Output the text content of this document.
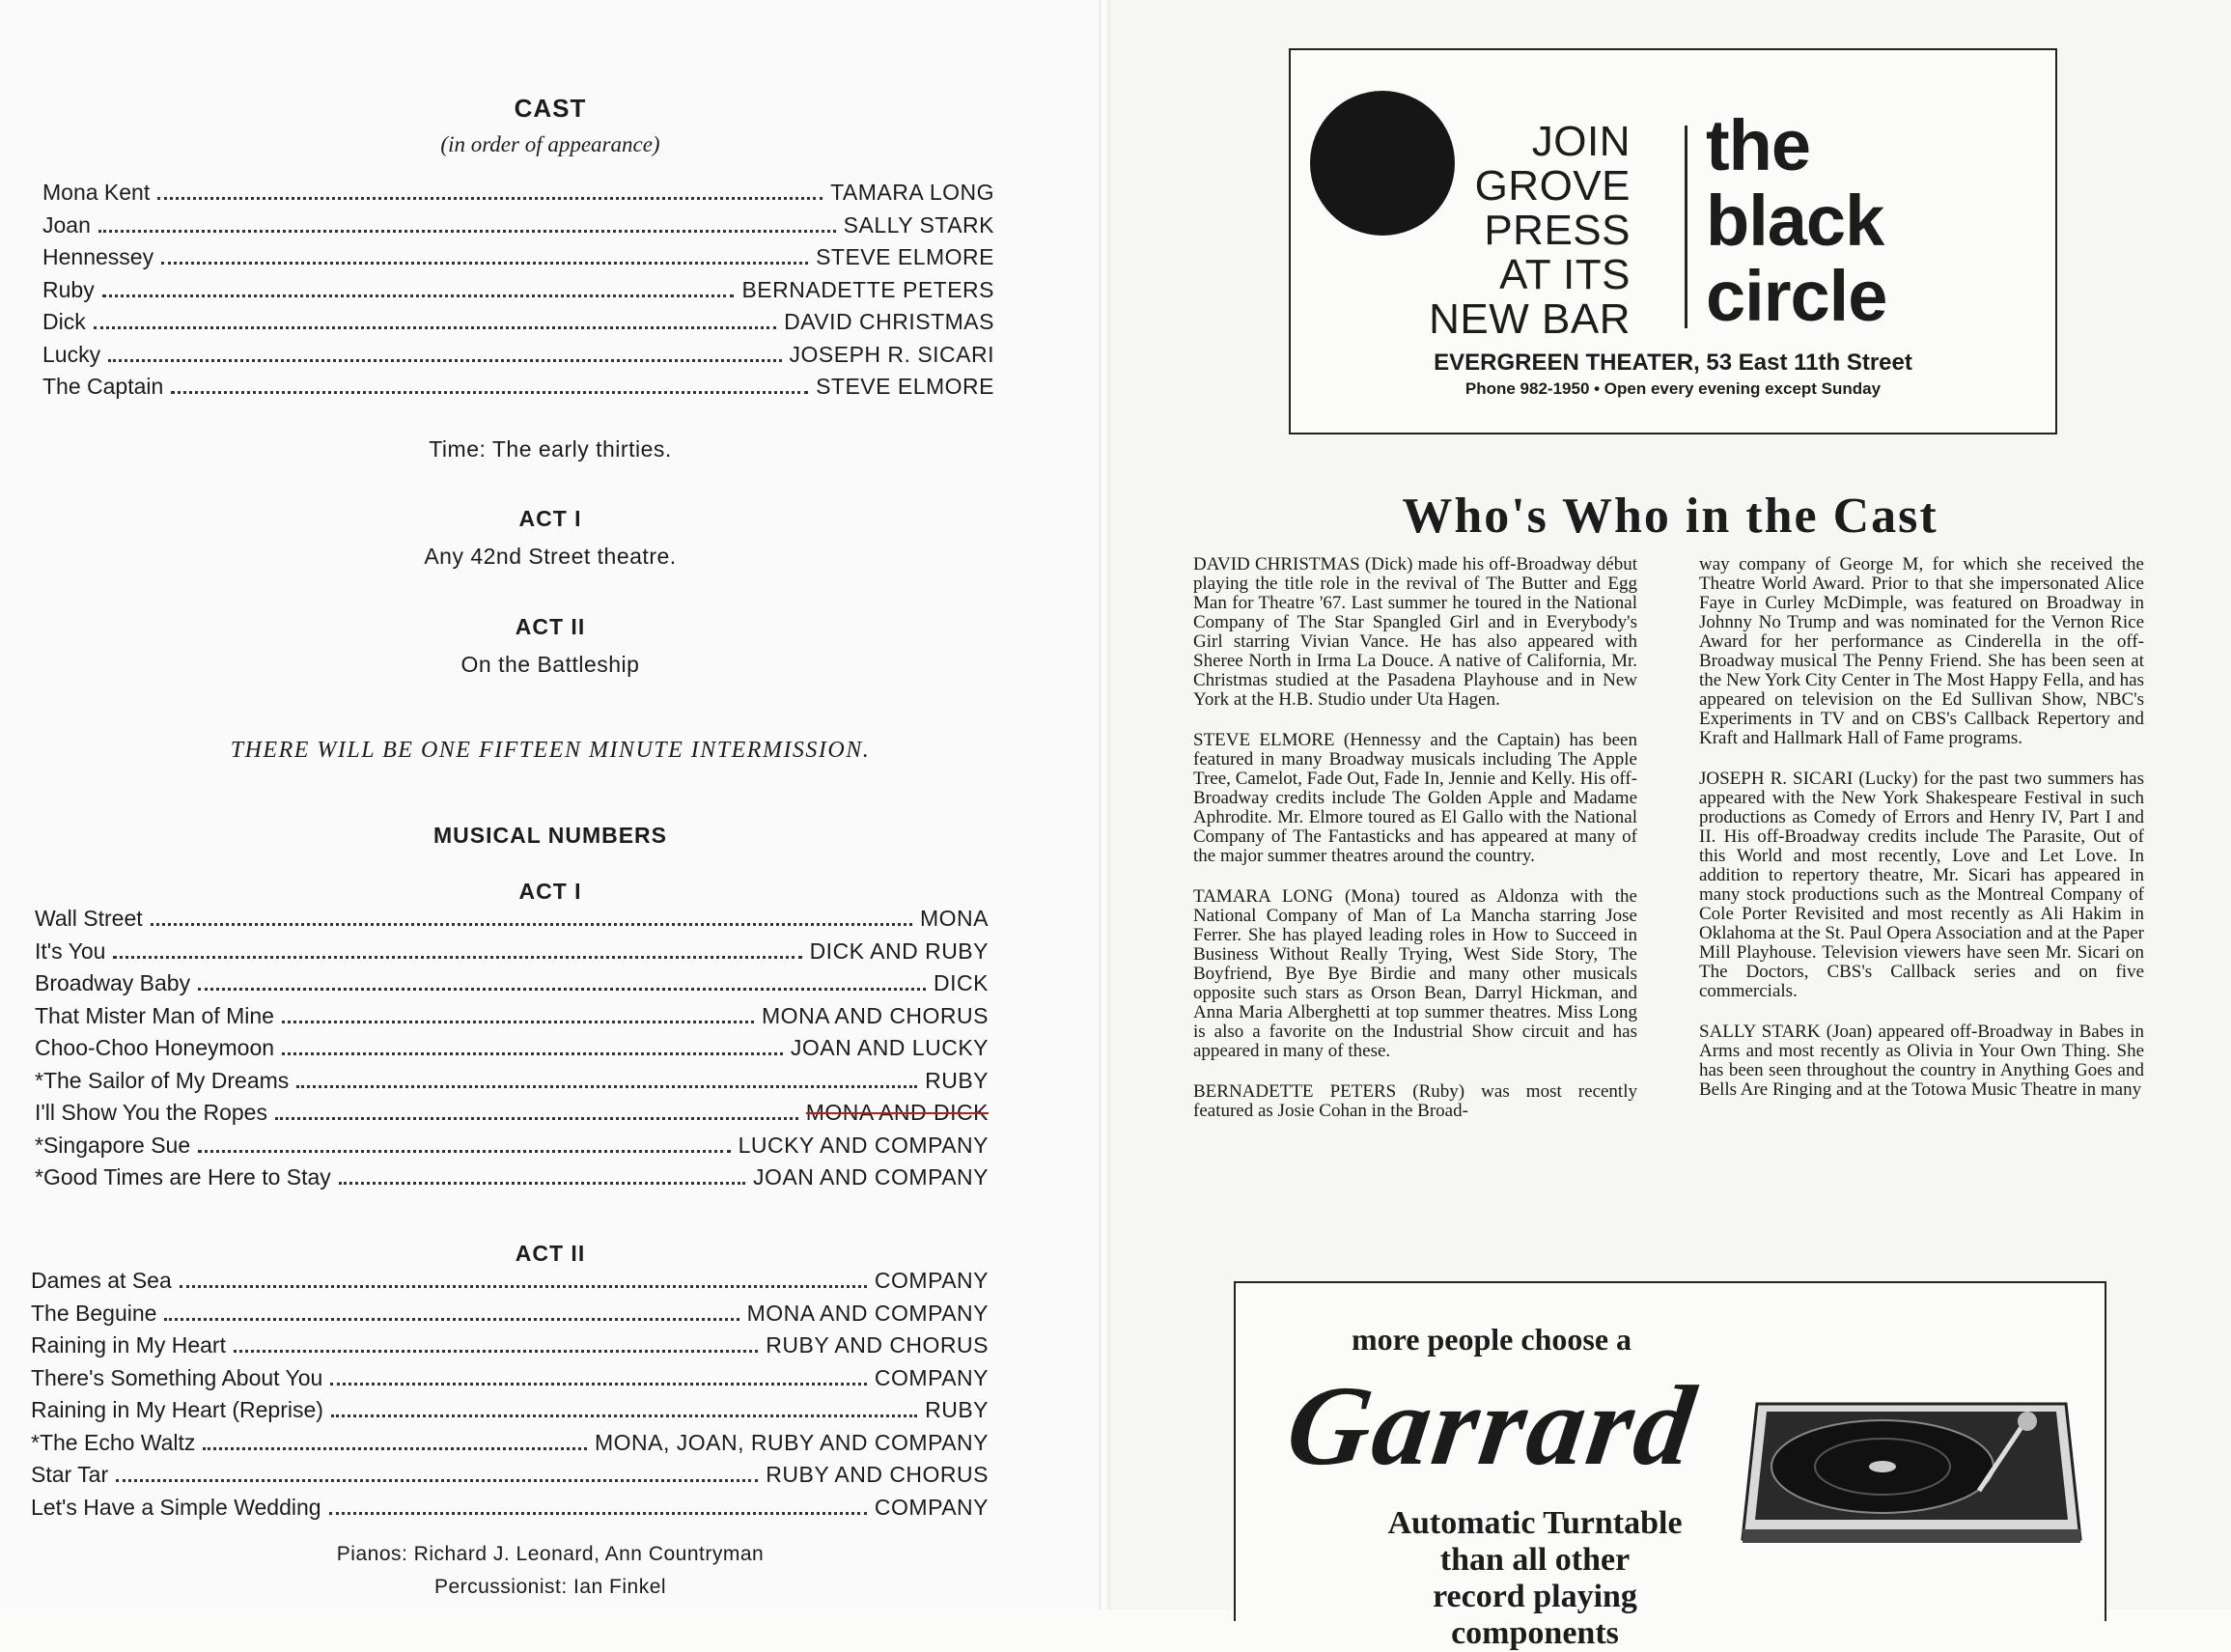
CAST
(in order of appearance)
Mona Kent	TAMARA LONG
Joan	SALLY STARK
Hennessey	STEVE ELMORE
Ruby	BERNADETTE PETERS
Dick	DAVID CHRISTMAS
Lucky	JOSEPH R. SICARI
The Captain	STEVE ELMORE
Time: The early thirties.
ACT I
Any 42nd Street theatre.
ACT II
On the Battleship
THERE WILL BE ONE FIFTEEN MINUTE INTERMISSION.
MUSICAL NUMBERS
ACT I
Wall Street	MONA
It's You	DICK AND RUBY
Broadway Baby	DICK
That Mister Man of Mine	MONA AND CHORUS
Choo-Choo Honeymoon	JOAN AND LUCKY
*The Sailor of My Dreams	RUBY
I'll Show You the Ropes	MONA AND DICK
*Singapore Sue	LUCKY AND COMPANY
*Good Times are Here to Stay	JOAN AND COMPANY
ACT II
Dames at Sea	COMPANY
The Beguine	MONA AND COMPANY
Raining in My Heart	RUBY AND CHORUS
There's Something About You	COMPANY
Raining in My Heart (Reprise)	RUBY
*The Echo Waltz	MONA, JOAN, RUBY AND COMPANY
Star Tar	RUBY AND CHORUS
Let's Have a Simple Wedding	COMPANY
Pianos: Richard J. Leonard, Ann Countryman
Percussionist: Ian Finkel
JOIN
GROVE
PRESS
AT ITS
NEW BAR
the
black
circle
EVERGREEN THEATER, 53 East 11th Street
Phone 982-1950 • Open every evening except Sunday
Who's Who in the Cast

DAVID CHRISTMAS (Dick) made his off-Broadway début playing the title role in the revival of The Butter and Egg Man for Theatre '67. Last summer he toured in the National Company of The Star Spangled Girl and in Everybody's Girl starring Vivian Vance. He has also appeared with Sheree North in Irma La Douce. A native of California, Mr. Christmas studied at the Pasadena Playhouse and in New York at the H.B. Studio under Uta Hagen.

STEVE ELMORE (Hennessy and the Captain) has been featured in many Broadway musicals including The Apple Tree, Camelot, Fade Out, Fade In, Jennie and Kelly. His off-Broadway credits include The Golden Apple and Madame Aphrodite. Mr. Elmore toured as El Gallo with the National Company of The Fantasticks and has appeared at many of the major summer theatres around the country.

TAMARA LONG (Mona) toured as Aldonza with the National Company of Man of La Mancha starring Jose Ferrer. She has played leading roles in How to Succeed in Business Without Really Trying, West Side Story, The Boyfriend, Bye Bye Birdie and many other musicals opposite such stars as Orson Bean, Darryl Hickman, and Anna Maria Alberghetti at top summer theatres. Miss Long is also a favorite on the Industrial Show circuit and has appeared in many of these.

BERNADETTE PETERS (Ruby) was most recently featured as Josie Cohan in the Broad-

way company of George M, for which she received the Theatre World Award. Prior to that she impersonated Alice Faye in Curley McDimple, was featured on Broadway in Johnny No Trump and was nominated for the Vernon Rice Award for her performance as Cinderella in the off-Broadway musical The Penny Friend. She has been seen at the New York City Center in The Most Happy Fella, and has appeared on television on the Ed Sullivan Show, NBC's Experiments in TV and on CBS's Callback Repertory and Kraft and Hallmark Hall of Fame programs.

JOSEPH R. SICARI (Lucky) for the past two summers has appeared with the New York Shakespeare Festival in such productions as Comedy of Errors and Henry IV, Part I and II. His off-Broadway credits include The Parasite, Out of this World and most recently, Love and Let Love. In addition to repertory theatre, Mr. Sicari has appeared in many stock productions such as the Montreal Company of Cole Porter Revisited and most recently as Ali Hakim in Oklahoma at the St. Paul Opera Association and at the Paper Mill Playhouse. Television viewers have seen Mr. Sicari on The Doctors, CBS's Callback series and on five commercials.

SALLY STARK (Joan) appeared off-Broadway in Babes in Arms and most recently as Olivia in Your Own Thing. She has been seen throughout the country in Anything Goes and Bells Are Ringing and at the Totowa Music Theatre in many

more people choose a
Garrard
Automatic Turntable
than all other
record playing components
